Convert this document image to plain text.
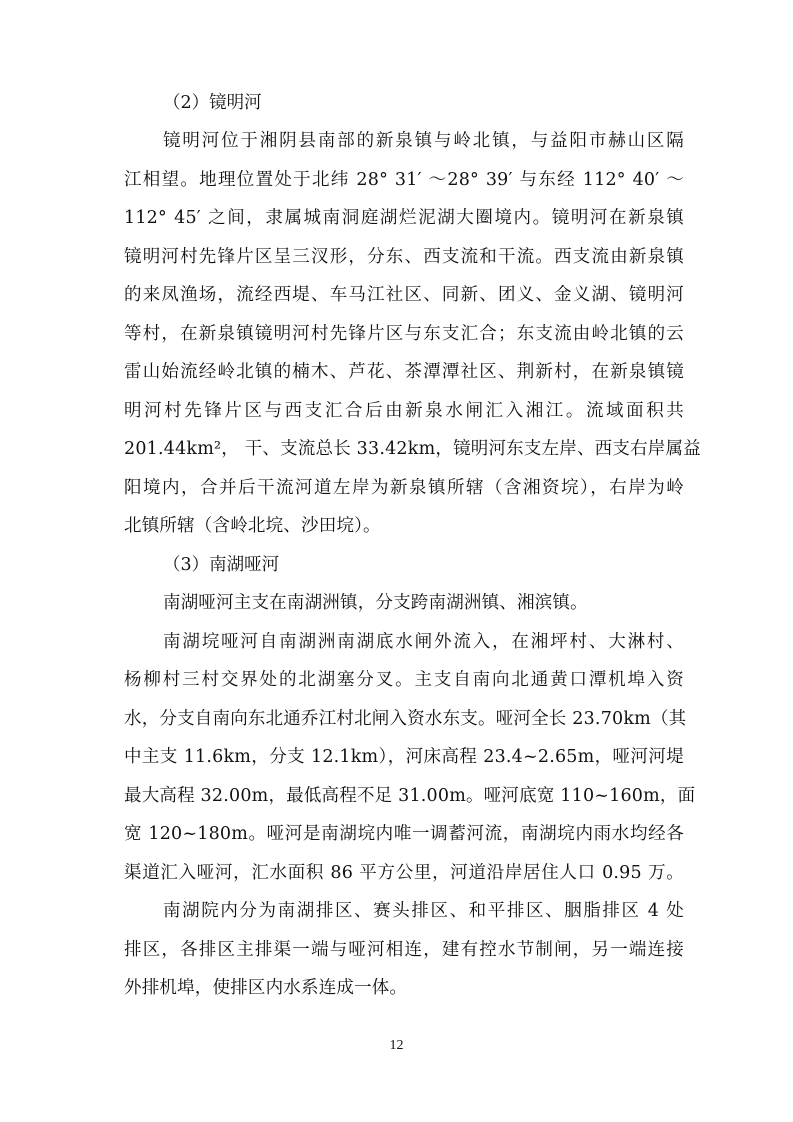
（2）镜明河
镜明河位于湘阴县南部的新泉镇与岭北镇，与益阳市赫山区隔
江相望。地理位置处于北纬 28° 31′ ～28° 39′ 与东经 112° 40′ ～
112° 45′ 之间，隶属城南洞庭湖烂泥湖大圈境内。镜明河在新泉镇
镜明河村先锋片区呈三汊形，分东、西支流和干流。西支流由新泉镇
的来凤渔场，流经西堤、车马江社区、同新、团义、金义湖、镜明河
等村，在新泉镇镜明河村先锋片区与东支汇合；东支流由岭北镇的云
雷山始流经岭北镇的楠木、芦花、茶潭潭社区、荆新村，在新泉镇镜
明河村先锋片区与西支汇合后由新泉水闸汇入湘江。流域面积共
201.44km²， 干、支流总长 33.42km，镜明河东支左岸、西支右岸属益
阳境内，合并后干流河道左岸为新泉镇所辖（含湘资垸），右岸为岭
北镇所辖（含岭北垸、沙田垸）。
（3）南湖哑河
南湖哑河主支在南湖洲镇，分支跨南湖洲镇、湘滨镇。
南湖垸哑河自南湖洲南湖底水闸外流入，在湘坪村、大淋村、
杨柳村三村交界处的北湖塞分叉。主支自南向北通黄口潭机埠入资
水，分支自南向东北通乔江村北闸入资水东支。哑河全长 23.70km（其
中主支 11.6km，分支 12.1km），河床高程 23.4~2.65m，哑河河堤
最大高程 32.00m，最低高程不足 31.00m。哑河底宽 110~160m，面
宽 120~180m。哑河是南湖垸内唯一调蓄河流，南湖垸内雨水均经各
渠道汇入哑河，汇水面积 86 平方公里，河道沿岸居住人口 0.95 万。
南湖院内分为南湖排区、赛头排区、和平排区、胭脂排区 4 处
排区，各排区主排渠一端与哑河相连，建有控水节制闸，另一端连接
外排机埠，使排区内水系连成一体。
12
